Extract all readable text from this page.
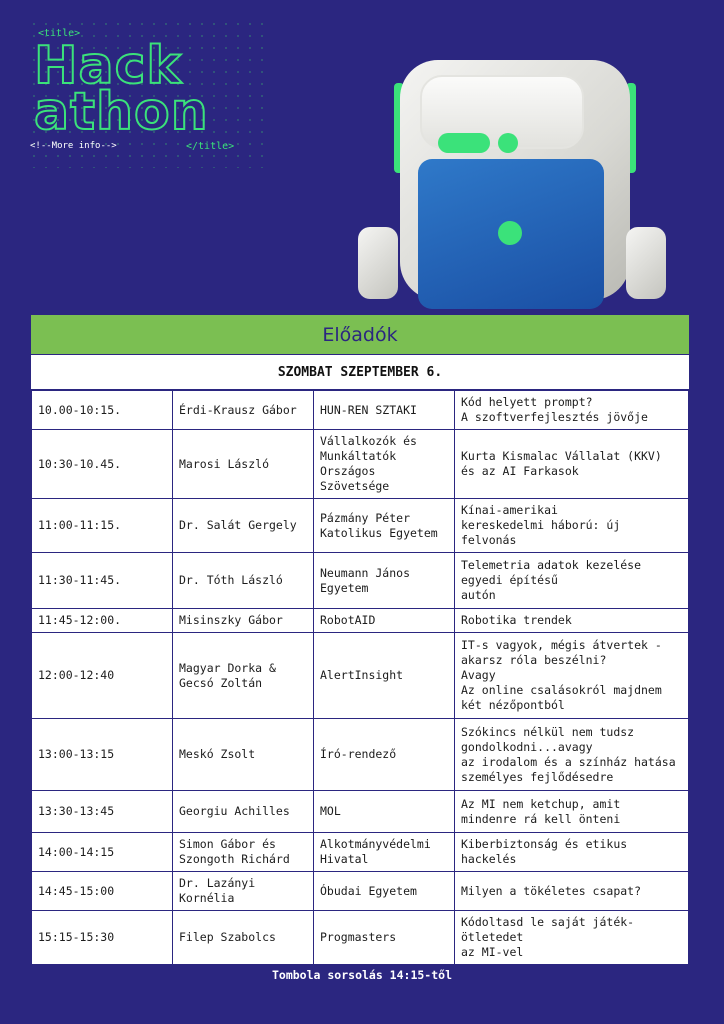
<title>
Hack
athon
<!--More info-->	</title>
Előadók
SZOMBAT SZEPTEMBER 6.
10.00-10:15.	Érdi-Krausz Gábor	HUN-REN SZTAKI	Kód helyett prompt?
A szoftverfejlesztés jövője
10:30-10.45.	Marosi László	Vállalkozók és
Munkáltatók
Országos
Szövetsége	Kurta Kismalac Vállalat (KKV)
és az AI Farkasok
11:00-11:15.	Dr. Salát Gergely	Pázmány Péter
Katolikus Egyetem	Kínai-amerikai
kereskedelmi háború: új felvonás
11:30-11:45.	Dr. Tóth László	Neumann János
Egyetem	Telemetria adatok kezelése
egyedi építésű
autón
11:45-12:00.	Misinszky Gábor	RobotAID	Robotika trendek
12:00-12:40	Magyar Dorka &
Gecsó Zoltán	AlertInsight	IT-s vagyok, mégis átvertek -
akarsz róla beszélni?
Avagy
Az online csalásokról majdnem
két nézőpontból
13:00-13:15	Meskó Zsolt	Író-rendező	Szókincs nélkül nem tudsz
gondolkodni...avagy
az irodalom és a színház hatása
személyes fejlődésedre
13:30-13:45	Georgiu Achilles	MOL	Az MI nem ketchup, amit
mindenre rá kell önteni
14:00-14:15	Simon Gábor és
Szongoth Richárd	Alkotmányvédelmi
Hivatal	Kiberbiztonság és etikus hackelés
14:45-15:00	Dr. Lazányi Kornélia	Óbudai Egyetem	Milyen a tökéletes csapat?
15:15-15:30	Filep Szabolcs	Progmasters	Kódoltasd le saját játék-ötletedet
az MI-vel
Tombola sorsolás 14:15-től
